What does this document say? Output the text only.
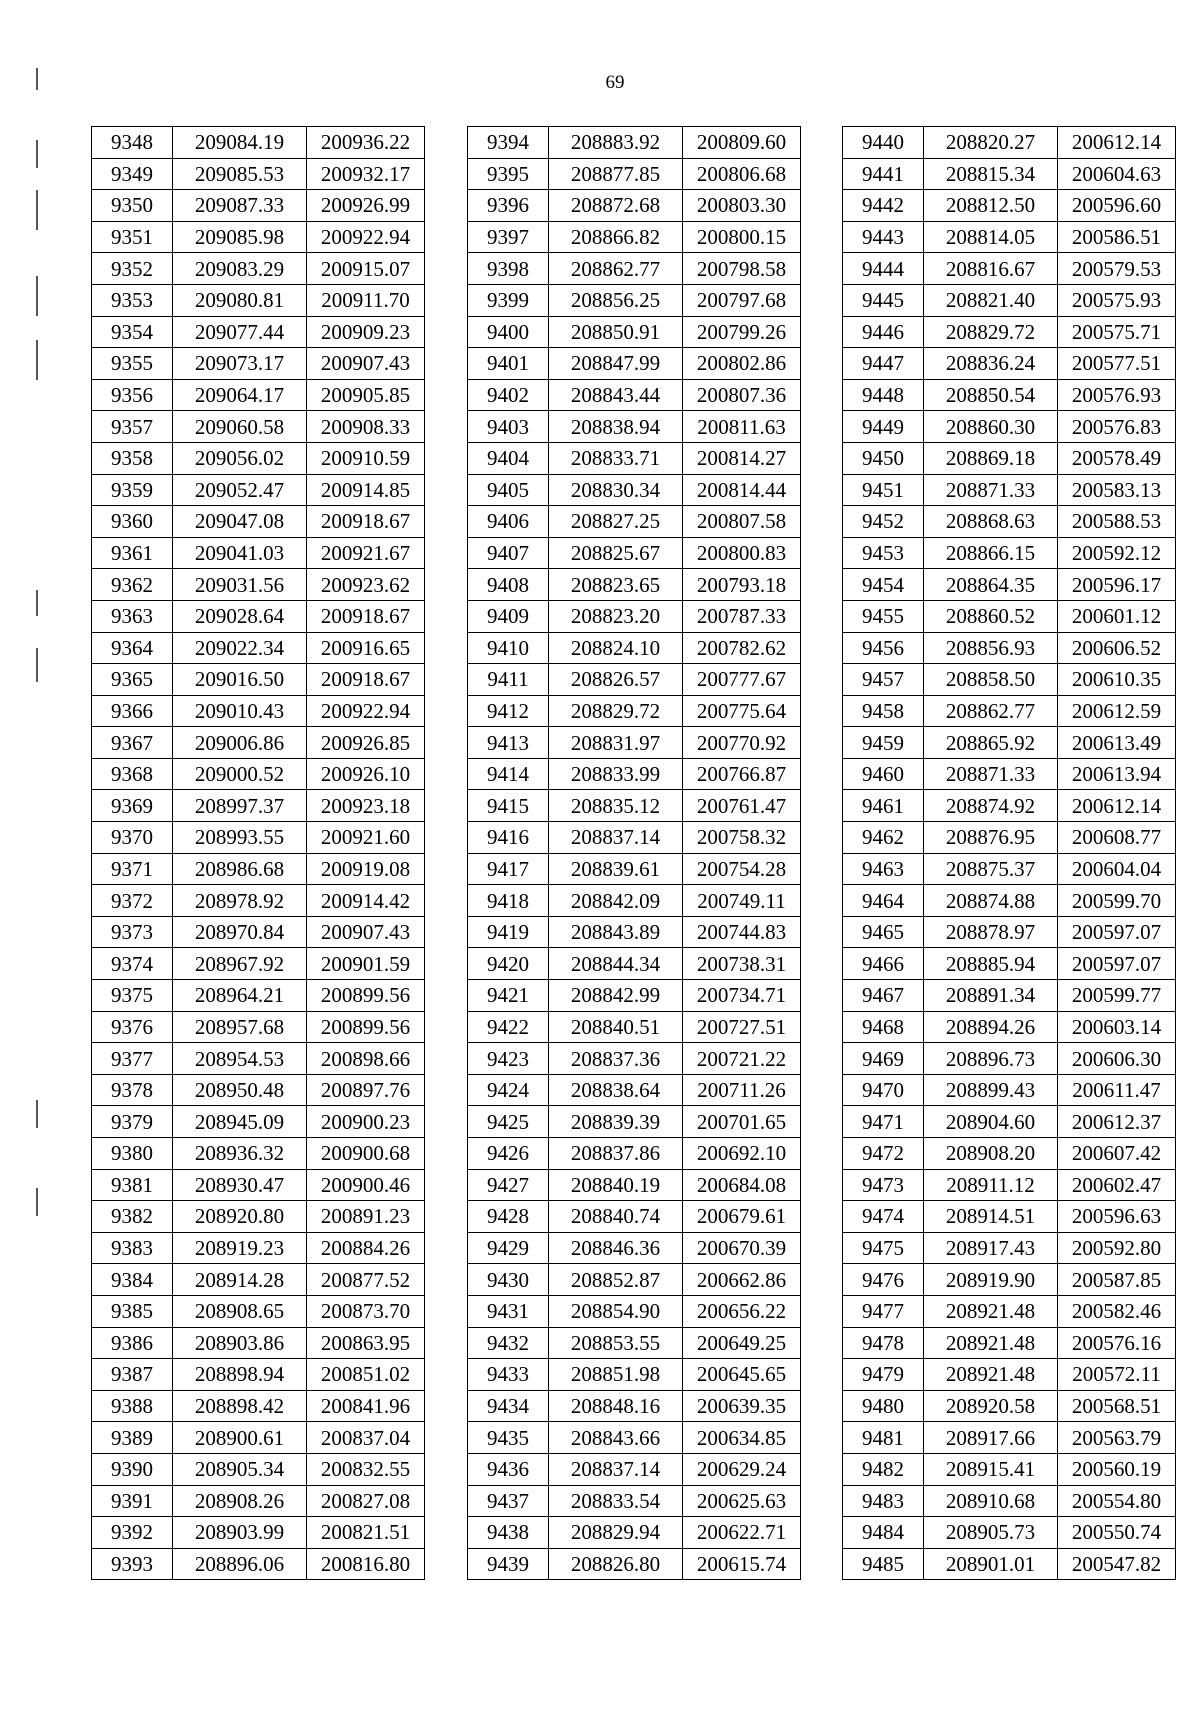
69
9348	209084.19	200936.22
9349	209085.53	200932.17
9350	209087.33	200926.99
9351	209085.98	200922.94
9352	209083.29	200915.07
9353	209080.81	200911.70
9354	209077.44	200909.23
9355	209073.17	200907.43
9356	209064.17	200905.85
9357	209060.58	200908.33
9358	209056.02	200910.59
9359	209052.47	200914.85
9360	209047.08	200918.67
9361	209041.03	200921.67
9362	209031.56	200923.62
9363	209028.64	200918.67
9364	209022.34	200916.65
9365	209016.50	200918.67
9366	209010.43	200922.94
9367	209006.86	200926.85
9368	209000.52	200926.10
9369	208997.37	200923.18
9370	208993.55	200921.60
9371	208986.68	200919.08
9372	208978.92	200914.42
9373	208970.84	200907.43
9374	208967.92	200901.59
9375	208964.21	200899.56
9376	208957.68	200899.56
9377	208954.53	200898.66
9378	208950.48	200897.76
9379	208945.09	200900.23
9380	208936.32	200900.68
9381	208930.47	200900.46
9382	208920.80	200891.23
9383	208919.23	200884.26
9384	208914.28	200877.52
9385	208908.65	200873.70
9386	208903.86	200863.95
9387	208898.94	200851.02
9388	208898.42	200841.96
9389	208900.61	200837.04
9390	208905.34	200832.55
9391	208908.26	200827.08
9392	208903.99	200821.51
9393	208896.06	200816.80
9394	208883.92	200809.60
9395	208877.85	200806.68
9396	208872.68	200803.30
9397	208866.82	200800.15
9398	208862.77	200798.58
9399	208856.25	200797.68
9400	208850.91	200799.26
9401	208847.99	200802.86
9402	208843.44	200807.36
9403	208838.94	200811.63
9404	208833.71	200814.27
9405	208830.34	200814.44
9406	208827.25	200807.58
9407	208825.67	200800.83
9408	208823.65	200793.18
9409	208823.20	200787.33
9410	208824.10	200782.62
9411	208826.57	200777.67
9412	208829.72	200775.64
9413	208831.97	200770.92
9414	208833.99	200766.87
9415	208835.12	200761.47
9416	208837.14	200758.32
9417	208839.61	200754.28
9418	208842.09	200749.11
9419	208843.89	200744.83
9420	208844.34	200738.31
9421	208842.99	200734.71
9422	208840.51	200727.51
9423	208837.36	200721.22
9424	208838.64	200711.26
9425	208839.39	200701.65
9426	208837.86	200692.10
9427	208840.19	200684.08
9428	208840.74	200679.61
9429	208846.36	200670.39
9430	208852.87	200662.86
9431	208854.90	200656.22
9432	208853.55	200649.25
9433	208851.98	200645.65
9434	208848.16	200639.35
9435	208843.66	200634.85
9436	208837.14	200629.24
9437	208833.54	200625.63
9438	208829.94	200622.71
9439	208826.80	200615.74
9440	208820.27	200612.14
9441	208815.34	200604.63
9442	208812.50	200596.60
9443	208814.05	200586.51
9444	208816.67	200579.53
9445	208821.40	200575.93
9446	208829.72	200575.71
9447	208836.24	200577.51
9448	208850.54	200576.93
9449	208860.30	200576.83
9450	208869.18	200578.49
9451	208871.33	200583.13
9452	208868.63	200588.53
9453	208866.15	200592.12
9454	208864.35	200596.17
9455	208860.52	200601.12
9456	208856.93	200606.52
9457	208858.50	200610.35
9458	208862.77	200612.59
9459	208865.92	200613.49
9460	208871.33	200613.94
9461	208874.92	200612.14
9462	208876.95	200608.77
9463	208875.37	200604.04
9464	208874.88	200599.70
9465	208878.97	200597.07
9466	208885.94	200597.07
9467	208891.34	200599.77
9468	208894.26	200603.14
9469	208896.73	200606.30
9470	208899.43	200611.47
9471	208904.60	200612.37
9472	208908.20	200607.42
9473	208911.12	200602.47
9474	208914.51	200596.63
9475	208917.43	200592.80
9476	208919.90	200587.85
9477	208921.48	200582.46
9478	208921.48	200576.16
9479	208921.48	200572.11
9480	208920.58	200568.51
9481	208917.66	200563.79
9482	208915.41	200560.19
9483	208910.68	200554.80
9484	208905.73	200550.74
9485	208901.01	200547.82
